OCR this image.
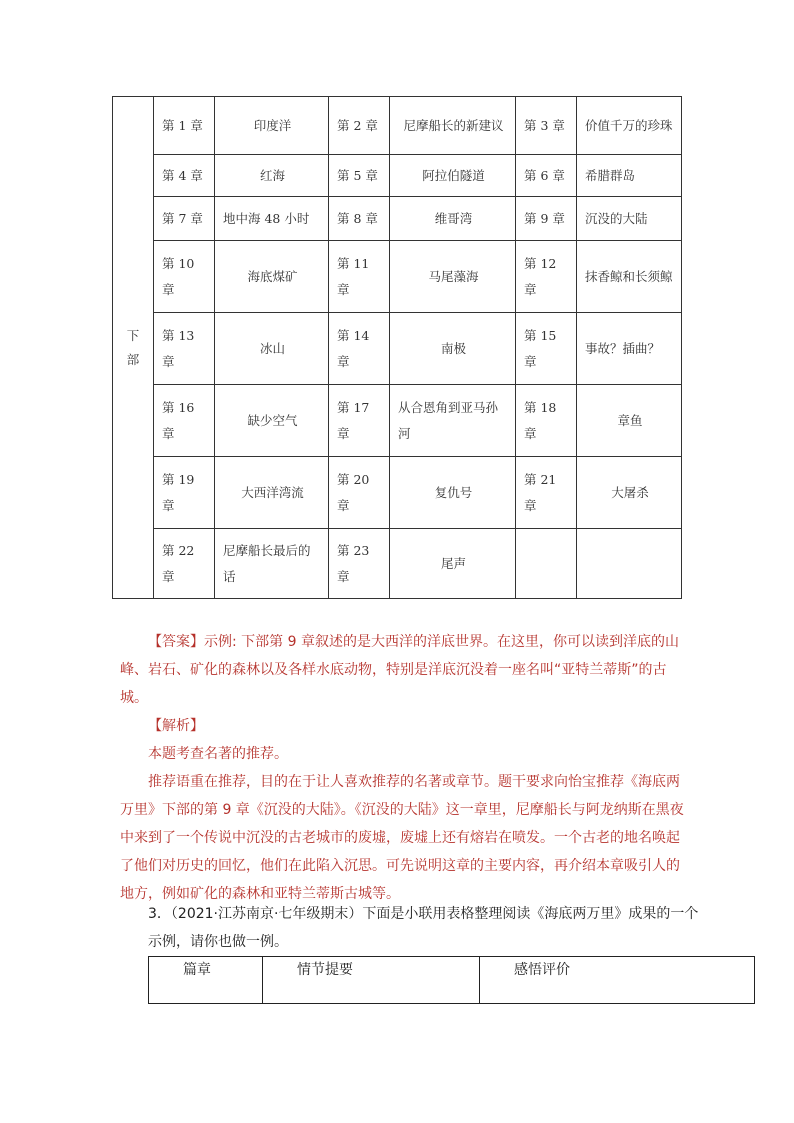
下
部	第 1 章	印度洋	第 2 章	尼摩船长的新建议	第 3 章	价值千万的珍珠
	第 4 章	红海	第 5 章	阿拉伯隧道	第 6 章	希腊群岛
	第 7 章	地中海 48 小时	第 8 章	维哥湾	第 9 章	沉没的大陆
	第 10 章	海底煤矿	第 11 章	马尾藻海	第 12 章	抹香鲸和长须鲸
	第 13 章	冰山	第 14 章	南极	第 15 章	事故？插曲？
	第 16 章	缺少空气	第 17 章	从合恩角到亚马孙河	第 18 章	章鱼
	第 19 章	大西洋湾流	第 20 章	复仇号	第 21 章	大屠杀
	第 22 章	尼摩船长最后的话	第 23 章	尾声		

【答案】示例: 下部第 9 章叙述的是大西洋的洋底世界。在这里，你可以读到洋底的山峰、岩石、矿化的森林以及各样水底动物，特别是洋底沉没着一座名叫“亚特兰蒂斯”的古城。

【解析】

本题考查名著的推荐。

推荐语重在推荐，目的在于让人喜欢推荐的名著或章节。题干要求向怡宝推荐《海底两万里》下部的第 9 章《沉没的大陆》。《沉没的大陆》这一章里，尼摩船长与阿龙纳斯在黑夜中来到了一个传说中沉没的古老城市的废墟，废墟上还有熔岩在喷发。一个古老的地名唤起了他们对历史的回忆，他们在此陷入沉思。可先说明这章的主要内容，再介绍本章吸引人的地方，例如矿化的森林和亚特兰蒂斯古城等。

3．（2021·江苏南京·七年级期末）下面是小联用表格整理阅读《海底两万里》成果的一个示例，请你也做一例。

篇章	情节提要	感悟评价
